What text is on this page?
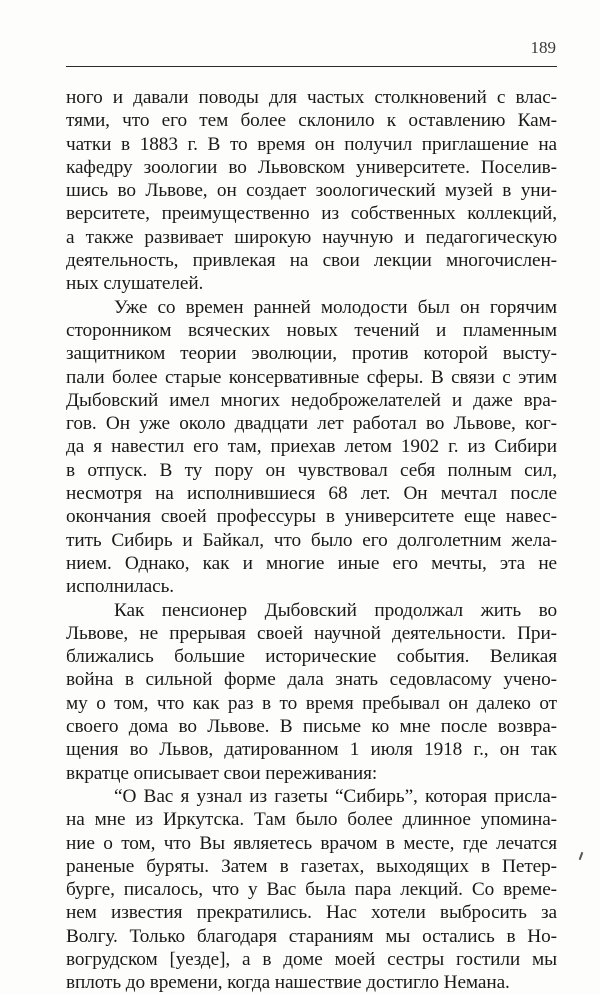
189
ного и давали поводы для частых столкновений с влас-
тями, что его тем более склонило к оставлению Кам-
чатки в 1883 г. В то время он получил приглашение на
кафедру зоологии во Львовском университете. Поселив-
шись во Львове, он создает зоологический музей в уни-
верситете, преимущественно из собственных коллекций,
а также развивает широкую научную и педагогическую
деятельность, привлекая на свои лекции многочислен-
ных слушателей.
Уже со времен ранней молодости был он горячим
сторонником всяческих новых течений и пламенным
защитником теории эволюции, против которой высту-
пали более старые консервативные сферы. В связи с этим
Дыбовский имел многих недоброжелателей и даже вра-
гов. Он уже около двадцати лет работал во Львове, ког-
да я навестил его там, приехав летом 1902 г. из Сибири
в отпуск. В ту пору он чувствовал себя полным сил,
несмотря на исполнившиеся 68 лет. Он мечтал после
окончания своей профессуры в университете еще навес-
тить Сибирь и Байкал, что было его долголетним жела-
нием. Однако, как и многие иные его мечты, эта не
исполнилась.
Как пенсионер Дыбовский продолжал жить во
Львове, не прерывая своей научной деятельности. При-
ближались большие исторические события. Великая
война в сильной форме дала знать седовласому учено-
му о том, что как раз в то время пребывал он далеко от
своего дома во Львове. В письме ко мне после возвра-
щения во Львов, датированном 1 июля 1918 г., он так
вкратце описывает свои переживания:
“О Вас я узнал из газеты “Сибирь”, которая присла-
на мне из Иркутска. Там было более длинное упомина-
ние о том, что Вы являетесь врачом в месте, где лечатся
раненые буряты. Затем в газетах, выходящих в Петер-
бурге, писалось, что у Вас была пара лекций. Со време-
нем известия прекратились. Нас хотели выбросить за
Волгу. Только благодаря стараниям мы остались в Но-
вогрудском [уезде], а в доме моей сестры гостили мы
вплоть до времени, когда нашествие достигло Немана.
